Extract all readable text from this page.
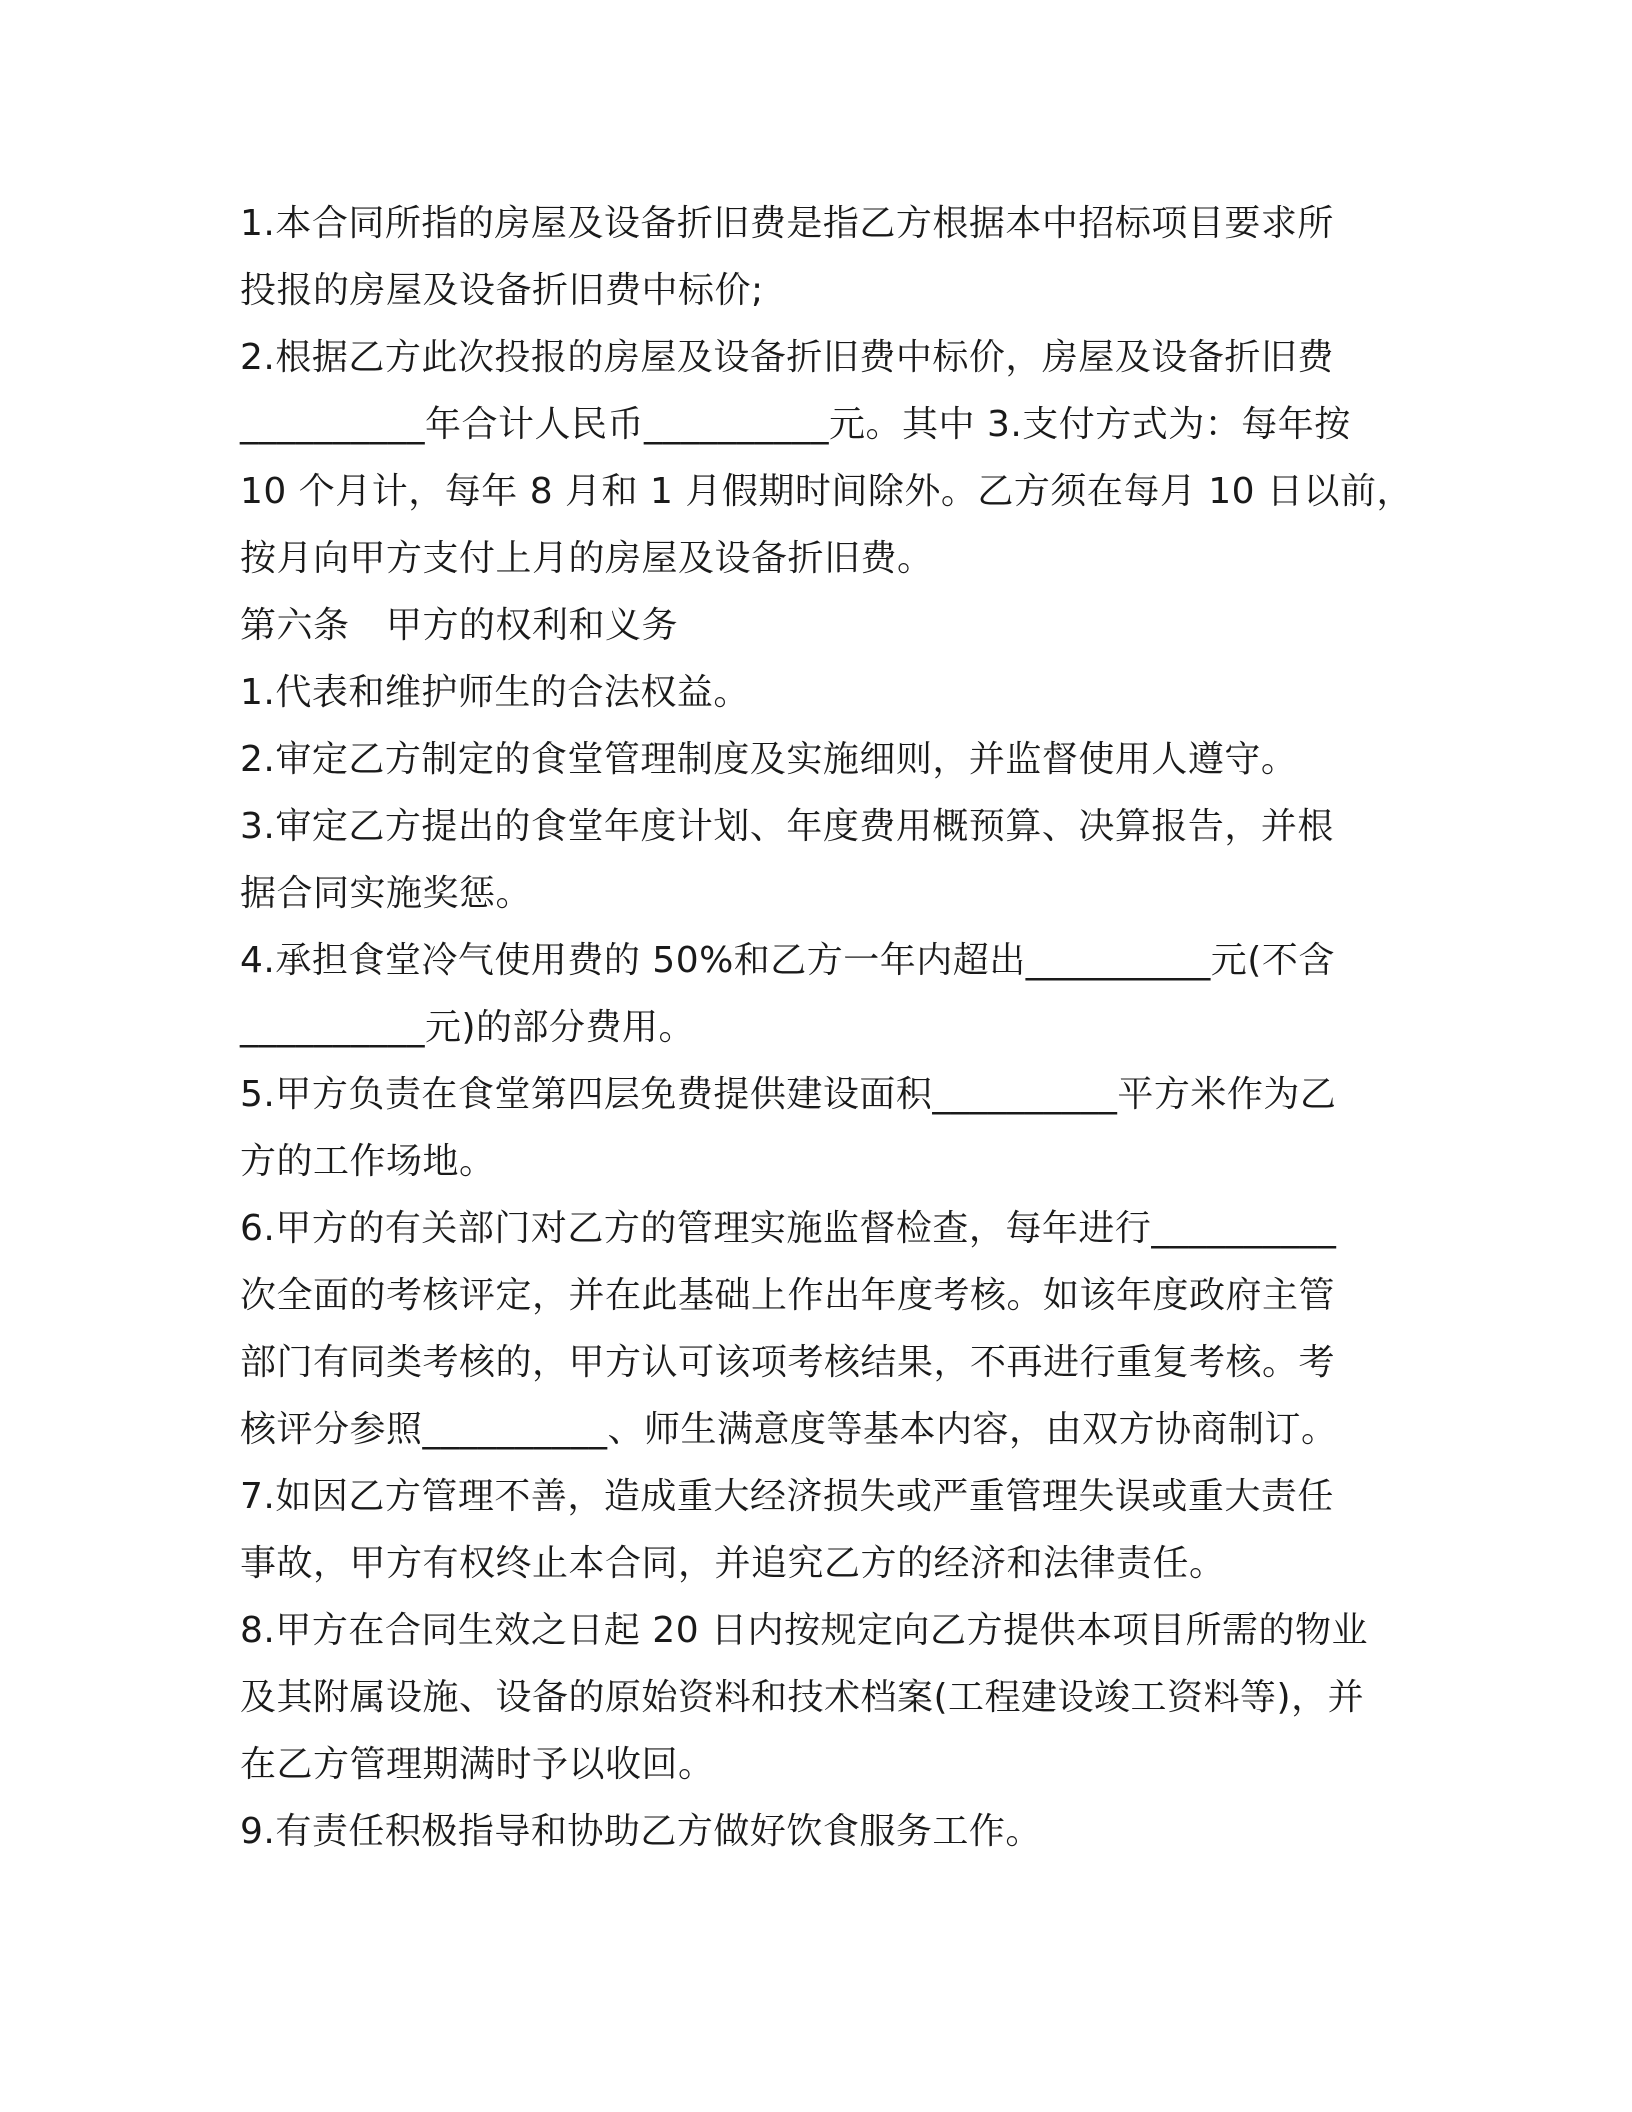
1.本合同所指的房屋及设备折旧费是指乙方根据本中招标项目要求所
投报的房屋及设备折旧费中标价;
2.根据乙方此次投报的房屋及设备折旧费中标价，房屋及设备折旧费
__________年合计人民币__________元。其中 3.支付方式为：每年按
10 个月计，每年 8 月和 1 月假期时间除外。乙方须在每月 10 日以前，
按月向甲方支付上月的房屋及设备折旧费。
第六条　甲方的权利和义务
1.代表和维护师生的合法权益。
2.审定乙方制定的食堂管理制度及实施细则，并监督使用人遵守。
3.审定乙方提出的食堂年度计划、年度费用概预算、决算报告，并根
据合同实施奖惩。
4.承担食堂冷气使用费的 50%和乙方一年内超出__________元(不含
__________元)的部分费用。
5.甲方负责在食堂第四层免费提供建设面积__________平方米作为乙
方的工作场地。
6.甲方的有关部门对乙方的管理实施监督检查，每年进行__________
次全面的考核评定，并在此基础上作出年度考核。如该年度政府主管
部门有同类考核的，甲方认可该项考核结果，不再进行重复考核。考
核评分参照__________、师生满意度等基本内容，由双方协商制订。
7.如因乙方管理不善，造成重大经济损失或严重管理失误或重大责任
事故，甲方有权终止本合同，并追究乙方的经济和法律责任。
8.甲方在合同生效之日起 20 日内按规定向乙方提供本项目所需的物业
及其附属设施、设备的原始资料和技术档案(工程建设竣工资料等)，并
在乙方管理期满时予以收回。
9.有责任积极指导和协助乙方做好饮食服务工作。
